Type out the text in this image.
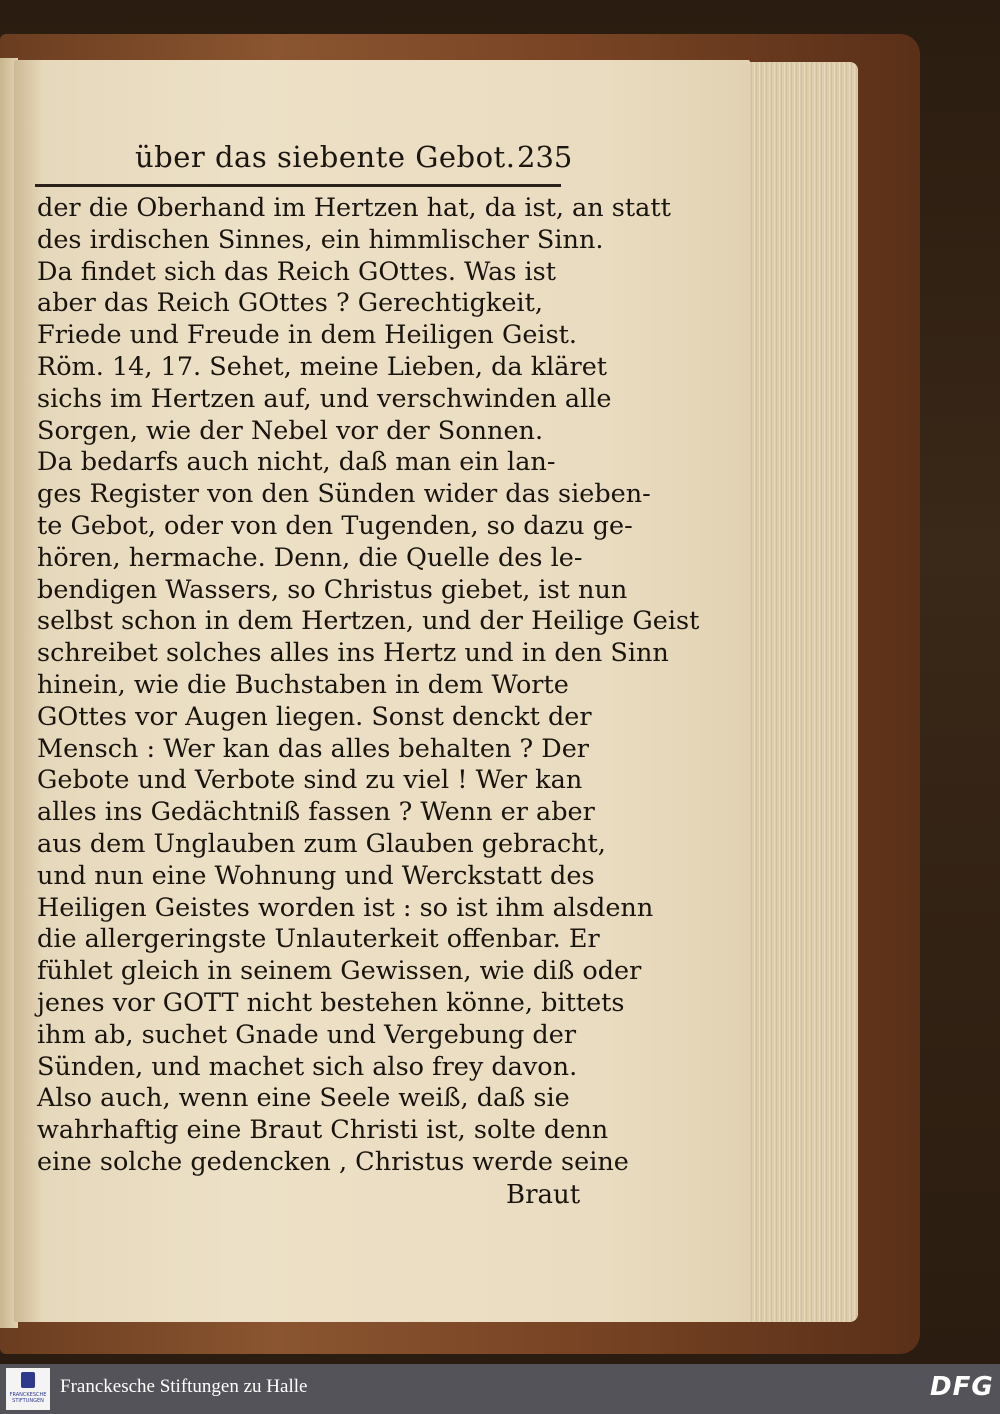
über das siebente Gebot. 235
der die Oberhand im Hertzen hat, da ist, an statt
des irdischen Sinnes, ein himmlischer Sinn.
Da findet sich das Reich GOttes. Was ist
aber das Reich GOttes ? Gerechtigkeit,
Friede und Freude in dem Heiligen Geist.
Röm. 14, 17. Sehet, meine Lieben, da kläret
sichs im Hertzen auf, und verschwinden alle
Sorgen, wie der Nebel vor der Sonnen.
Da bedarfs auch nicht, daß man ein lan-
ges Register von den Sünden wider das sieben-
te Gebot, oder von den Tugenden, so dazu ge-
hören, hermache. Denn, die Quelle des le-
bendigen Wassers, so Christus giebet, ist nun
selbst schon in dem Hertzen, und der Heilige Geist
schreibet solches alles ins Hertz und in den Sinn
hinein, wie die Buchstaben in dem Worte
GOttes vor Augen liegen. Sonst denckt der
Mensch : Wer kan das alles behalten ? Der
Gebote und Verbote sind zu viel ! Wer kan
alles ins Gedächtniß fassen ? Wenn er aber
aus dem Unglauben zum Glauben gebracht,
und nun eine Wohnung und Werckstatt des
Heiligen Geistes worden ist : so ist ihm alsdenn
die allergeringste Unlauterkeit offenbar. Er
fühlet gleich in seinem Gewissen, wie diß oder
jenes vor GOTT nicht bestehen könne, bittets
ihm ab, suchet Gnade und Vergebung der
Sünden, und machet sich also frey davon.
Also auch, wenn eine Seele weiß, daß sie
wahrhaftig eine Braut Christi ist, solte denn
eine solche gedencken , Christus werde seine
Braut
FRANCKESCHE STIFTUNGEN
Franckesche Stiftungen zu Halle	DFG
